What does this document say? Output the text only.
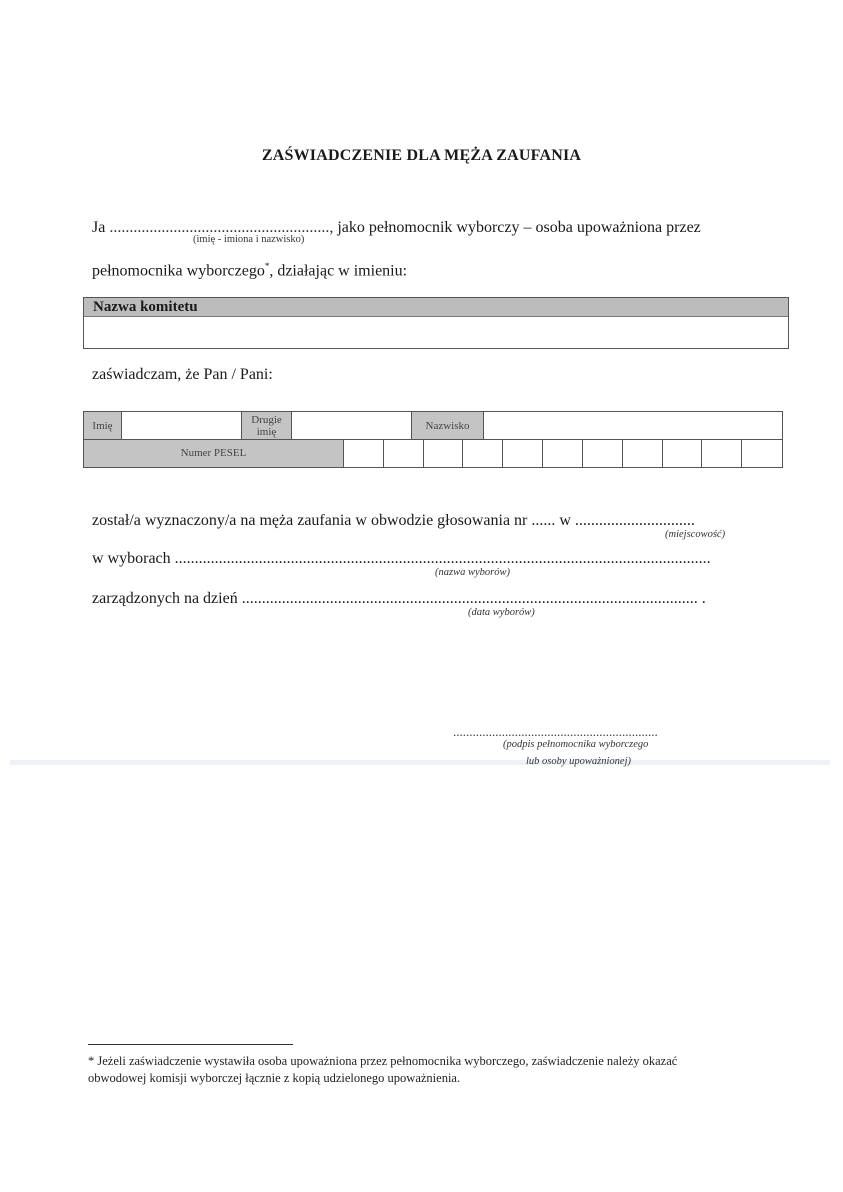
ZAŚWIADCZENIE DLA MĘŻA ZAUFANIA
Ja ......................................................., jako pełnomocnik wyborczy – osoba upoważniona przez
(imię - imiona i nazwisko)
pełnomocnika wyborczego*, działając w imieniu:
Nazwa komitetu
zaświadczam, że Pan / Pani:
Imię	Drugie
imię	Nazwisko
Numer PESEL
został/a wyznaczony/a na męża zaufania w obwodzie głosowania nr ...... w ..............................
(miejscowość)
w wyborach ......................................................................................................................................
(nazwa wyborów)
zarządzonych na dzień .................................................................................................................. .
(data wyborów)
...............................................................
(podpis pełnomocnika wyborczego
lub osoby upoważnionej)
* Jeżeli zaświadczenie wystawiła osoba upoważniona przez pełnomocnika wyborczego, zaświadczenie należy okazać
obwodowej komisji wyborczej łącznie z kopią udzielonego upoważnienia.
